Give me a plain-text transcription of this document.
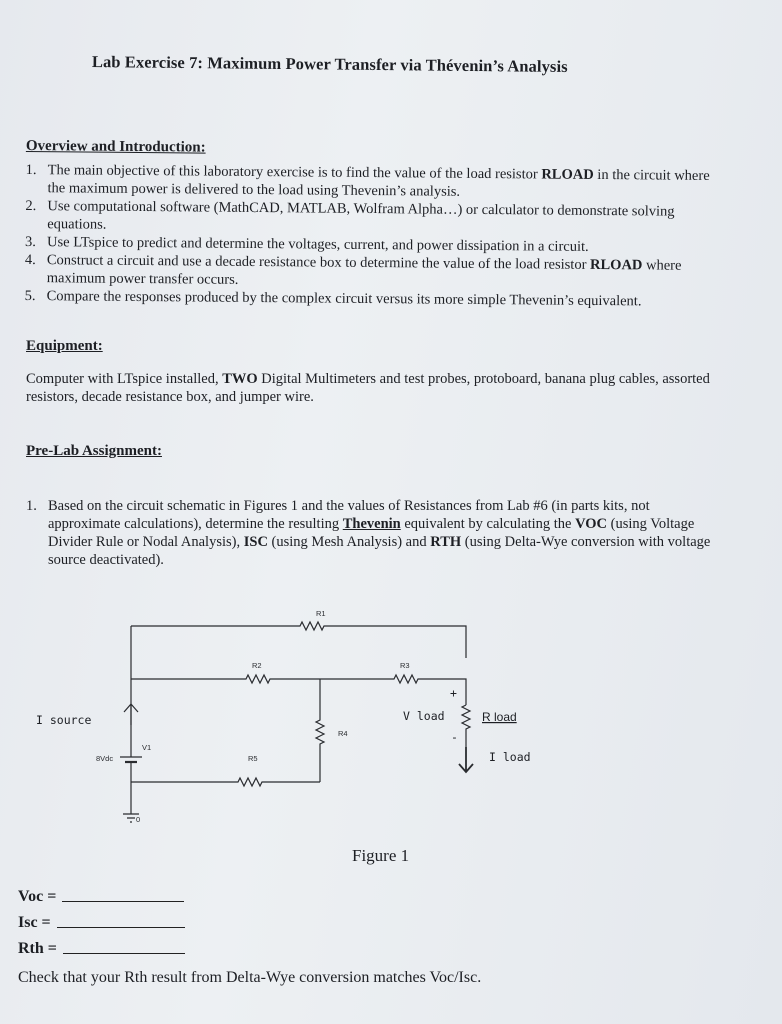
Lab Exercise 7: Maximum Power Transfer via Thévenin’s Analysis
Overview and Introduction:
1. The main objective of this laboratory exercise is to find the value of the load resistor RLOAD in the circuit where the maximum power is delivered to the load using Thevenin’s analysis.
2. Use computational software (MathCAD, MATLAB, Wolfram Alpha…) or calculator to demonstrate solving equations.
3. Use LTspice to predict and determine the voltages, current, and power dissipation in a circuit.
4. Construct a circuit and use a decade resistance box to determine the value of the load resistor RLOAD where maximum power transfer occurs.
5. Compare the responses produced by the complex circuit versus its more simple Thevenin’s equivalent.
Equipment:
Computer with LTspice installed, TWO Digital Multimeters and test probes, protoboard, banana plug cables, assorted resistors, decade resistance box, and jumper wire.
Pre-Lab Assignment:
1. Based on the circuit schematic in Figures 1 and the values of Resistances from Lab #6 (in parts kits, not approximate calculations), determine the resulting Thevenin equivalent by calculating the VOC (using Voltage Divider Rule or Nodal Analysis), ISC (using Mesh Analysis) and RTH (using Delta-Wye conversion with voltage source deactivated).
R1
R2	R3
R4
R5
V1
8Vdc
0
I source	V load
I load
+
-
R load
Figure 1
Voc =
Isc =
Rth =
Check that your Rth result from Delta-Wye conversion matches Voc/Isc.
